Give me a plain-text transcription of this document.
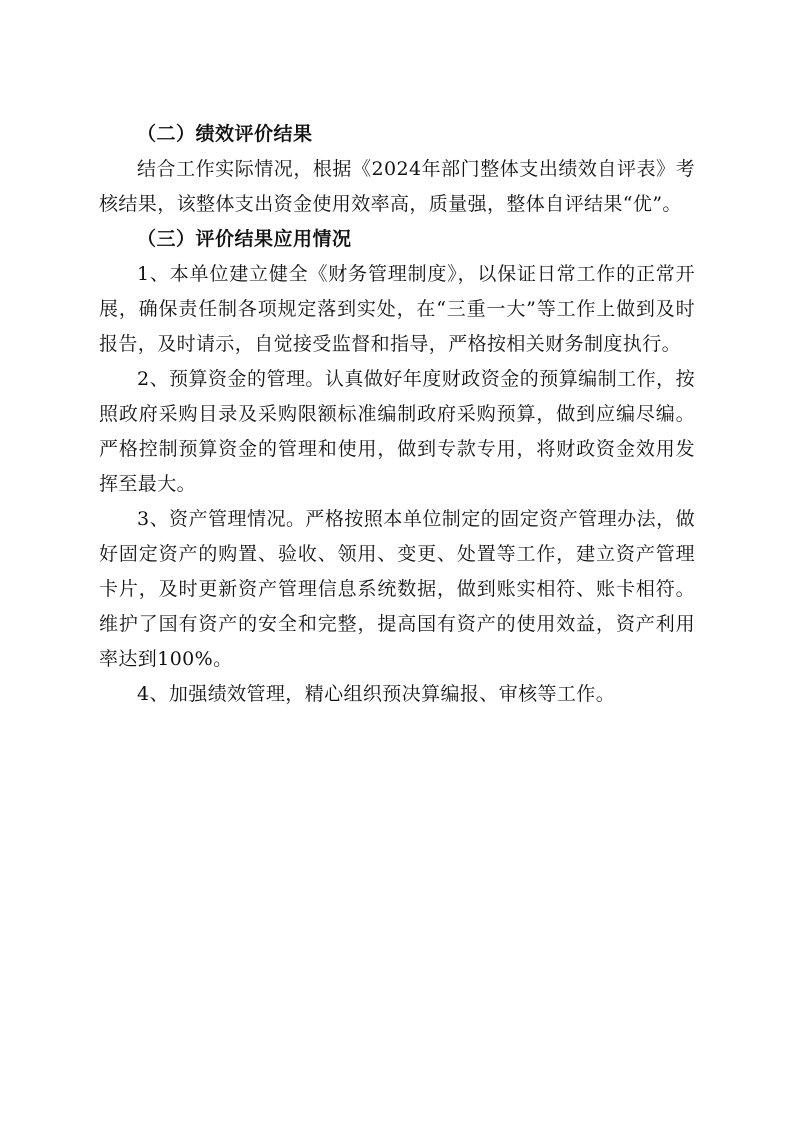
（二）绩效评价结果

结合工作实际情况，根据《2024年部门整体支出绩效自评表》考核结果，该整体支出资金使用效率高，质量强，整体自评结果“优”。

（三）评价结果应用情况

1、本单位建立健全《财务管理制度》，以保证日常工作的正常开展，确保责任制各项规定落到实处，在“三重一大”等工作上做到及时报告，及时请示，自觉接受监督和指导，严格按相关财务制度执行。

2、预算资金的管理。认真做好年度财政资金的预算编制工作，按照政府采购目录及采购限额标准编制政府采购预算，做到应编尽编。严格控制预算资金的管理和使用，做到专款专用，将财政资金效用发挥至最大。

3、资产管理情况。严格按照本单位制定的固定资产管理办法，做好固定资产的购置、验收、领用、变更、处置等工作，建立资产管理卡片，及时更新资产管理信息系统数据，做到账实相符、账卡相符。维护了国有资产的安全和完整，提高国有资产的使用效益，资产利用率达到100%。

4、加强绩效管理，精心组织预决算编报、审核等工作。
